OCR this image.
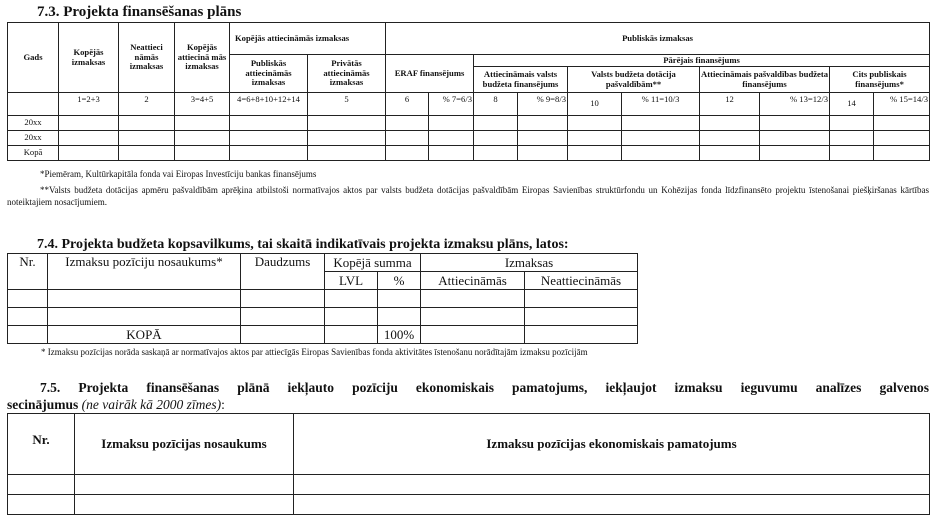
7.3. Projekta finansēšanas plāns
Gads	Kopējās izmaksas	Neattieci nāmās izmaksas	Kopējās attiecinā mās izmaksas	Kopējās attiecināmās izmaksas		Publiskās izmaksas									
				Publiskās attiecināmās izmaksas	Privātās attiecināmās izmaksas	ERAF finansējums		Pārējais finansējums							
								Attiecināmais valsts budžeta finansējums		Valsts budžeta dotācija pašvaldībām**		Attiecināmais pašvaldības budžeta finansējums		Cits publiskais finansējums*	
	1=2+3	2	3=4+5	4=6+8+10+12+14	5	6	% 7=6/3	8	% 9=8/3	10	% 11=10/3	12	% 13=12/3	14	% 15=14/3
20xx															
20xx															
Kopā															
*Piemēram, Kultūrkapitāla fonda vai Eiropas Investīciju bankas finansējums
**Valsts budžeta dotācijas apmēru pašvaldībām aprēķina atbilstoši normatīvajos aktos par valsts budžeta dotācijas pašvaldībām Eiropas Savienības struktūrfondu un Kohēzijas fonda līdzfinansēto projektu īstenošanai piešķiršanas kārtības noteiktajiem nosacījumiem.
7.4. Projekta budžeta kopsavilkums, tai skaitā indikatīvais projekta izmaksu plāns, latos:
Nr.	Izmaksu pozīciju nosaukums*	Daudzums	Kopējā summa		Izmaksas	
			LVL	%	Attiecināmās	Neattiecināmās

	KOPĀ			100%		
* Izmaksu pozīcijas norāda saskaņā ar normatīvajos aktos par attiecīgās Eiropas Savienības fonda aktivitātes īstenošanu norādītajām izmaksu pozīcijām
7.5. Projekta finansēšanas plānā iekļauto pozīciju ekonomiskais pamatojums, iekļaujot izmaksu ieguvumu analīzes galvenos
secinājumus (ne vairāk kā 2000 zīmes):
Nr.	Izmaksu pozīcijas nosaukums	Izmaksu pozīcijas ekonomiskais pamatojums
